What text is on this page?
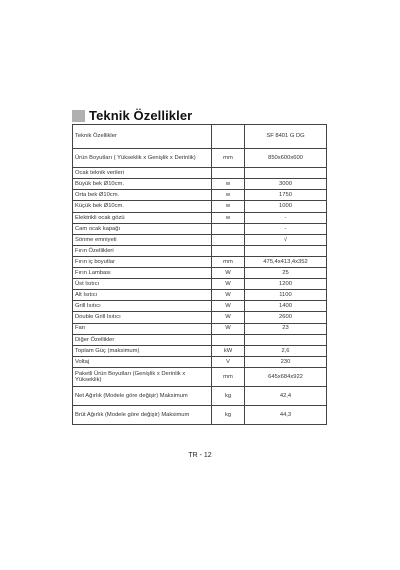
Teknik Özellikler
Teknik Özellikler		SF 8401 G DG
Ürün Boyutları ( Yükseklik x Genişlik x Derinlik)	mm	850x600x600
Ocak teknik verileri		
Büyük bek Ø10cm.	w	3000
Orta bek Ø10cm.	w	1750
Küçük bek Ø10cm.	w	1000
Elektrikli ocak gözü	w	-
Cam ocak kapağı		-
Sönme emniyeti		√
Fırın Özellikleri		
Fırın iç boyutlar	mm	475,4x413,4x352
Fırın Lambası	W	25
Üst Isıtıcı	W	1200
Alt Isıtıcı	W	1100
Grill Isıtıcı	W	1400
Double Grill Isıtıcı	W	2600
Fan	W	23
Diğer Özellikler		
Toplam Güç (maksimum)	kW	2,6
Voltaj	V	230
Paketli Ürün Boyutları (Genişlik x Derinlik x Yükseklik)	mm	645x684x922
Net Ağırlık (Modele göre değişir) Maksimum	kg	42,4
Brüt Ağırlık (Modele göre değişir) Maksimum	kg	44,3
TR - 12
